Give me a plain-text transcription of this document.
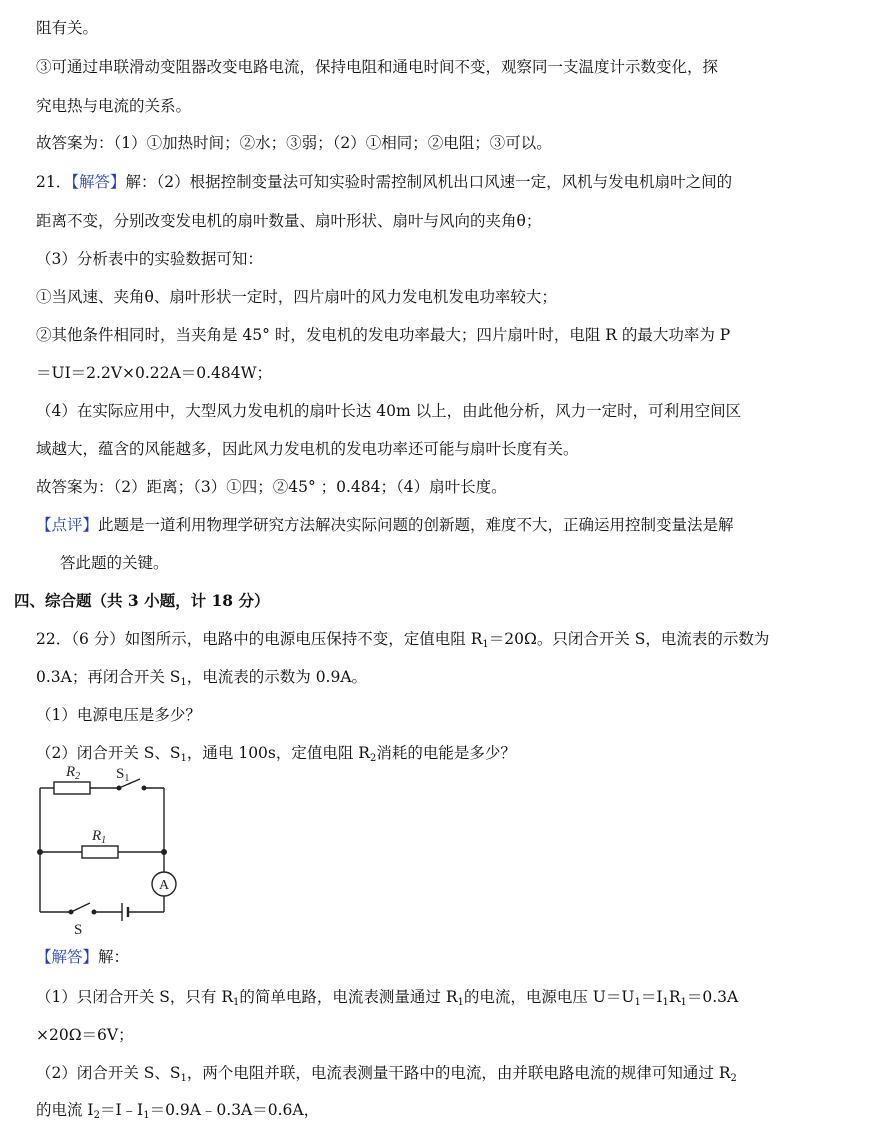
阻有关。
③可通过串联滑动变阻器改变电路电流，保持电阻和通电时间不变，观察同一支温度计示数变化，探
究电热与电流的关系。
故答案为：（1）①加热时间；②水；③弱；（2）①相同；②电阻；③可以。
21．【解答】解：（2）根据控制变量法可知实验时需控制风机出口风速一定，风机与发电机扇叶之间的
距离不变，分别改变发电机的扇叶数量、扇叶形状、扇叶与风向的夹角θ；
（3）分析表中的实验数据可知：
①当风速、夹角θ、扇叶形状一定时，四片扇叶的风力发电机发电功率较大；
②其他条件相同时，当夹角是 45° 时，发电机的发电功率最大；四片扇叶时，电阻 R 的最大功率为 P
＝UI＝2.2V×0.22A＝0.484W；
（4）在实际应用中，大型风力发电机的扇叶长达 40m 以上，由此他分析，风力一定时，可利用空间区
域越大，蕴含的风能越多，因此风力发电机的发电功率还可能与扇叶长度有关。
故答案为：（2）距离；（3）①四；②45° ；0.484；（4）扇叶长度。
【点评】此题是一道利用物理学研究方法解决实际问题的创新题，难度不大，正确运用控制变量法是解
答此题的关键。
四、综合题（共 3 小题，计 18 分）
22．（6 分）如图所示，电路中的电源电压保持不变，定值电阻 $R_1=20\Omega$。只闭合开关 S，电流表的示数为
0.3A；再闭合开关 $S_1$，电流表的示数为 0.9A。
（1）电源电压是多少？
（2）闭合开关 S、$S_1$，通电 100s，定值电阻 $R_2$消耗的电能是多少？
$R_2$ $S_1$
$R_1$
A
S
【解答】解：
（1）只闭合开关 S，只有 $R_1$的简单电路，电流表测量通过 $R_1$的电流，电源电压 $U=U_1=I_1R_1=0.3A$
×20Ω＝6V；
（2）闭合开关 S、$S_1$，两个电阻并联，电流表测量干路中的电流，由并联电路电流的规律可知通过 $R_2$
的电流 $I_2=I﹣I_1=0.9A﹣0.3A=0.6A$，
